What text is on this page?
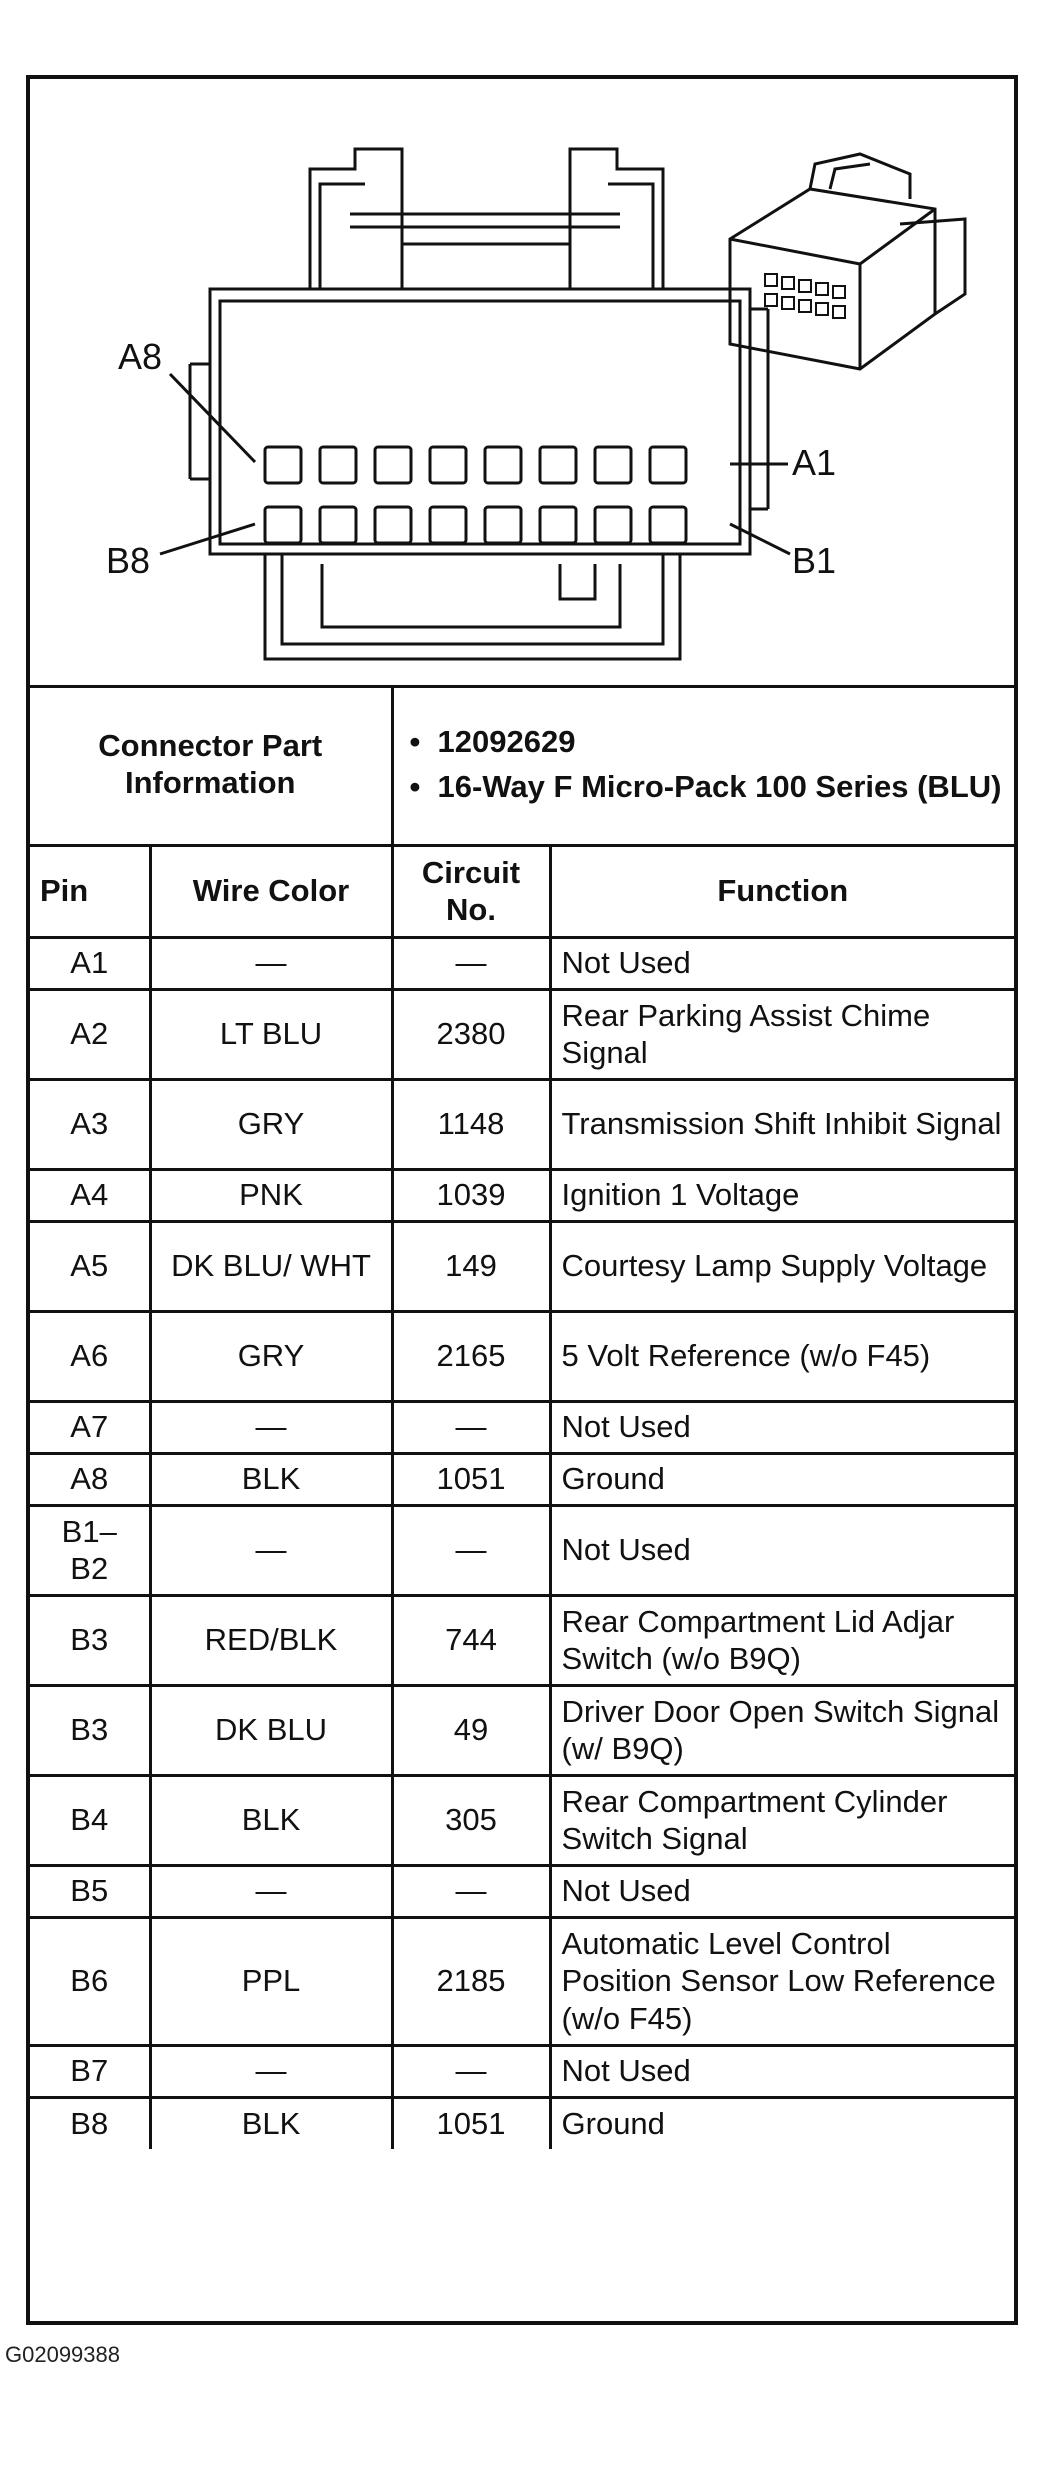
A8
A1
B8	B1
Connector Part Information		• 12092629
• 16-Way F Micro-Pack 100 Series (BLU)

Pin	Wire Color	Circuit No.	Function
A1	—	—	Not Used
A2	LT BLU	2380	Rear Parking Assist Chime Signal
A3	GRY	1148	Transmission Shift Inhibit Signal
A4	PNK	1039	Ignition 1 Voltage
A5	DK BLU/ WHT	149	Courtesy Lamp Supply Voltage
A6	GRY	2165	5 Volt Reference (w/o F45)
A7	—	—	Not Used
A8	BLK	1051	Ground
B1– B2	—	—	Not Used
B3	RED/BLK	744	Rear Compartment Lid Adjar Switch (w/o B9Q)
B3	DK BLU	49	Driver Door Open Switch Signal (w/ B9Q)
B4	BLK	305	Rear Compartment Cylinder Switch Signal
B5	—	—	Not Used
B6	PPL	2185	Automatic Level Control Position Sensor Low Reference (w/o F45)
B7	—	—	Not Used
B8	BLK	1051	Ground
G02099388
